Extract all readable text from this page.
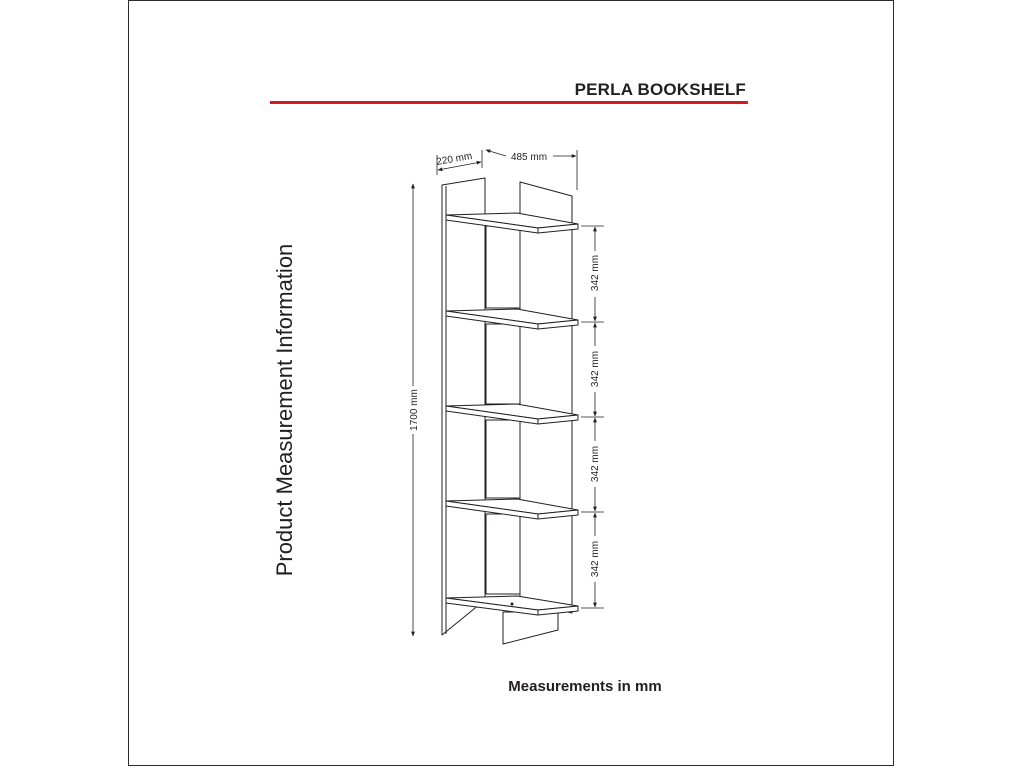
PERLA BOOKSHELF
Product Measurement Information
220 mm	485 mm
1700 mm
342 mm
342 mm
342 mm
342 mm
Measurements in mm
